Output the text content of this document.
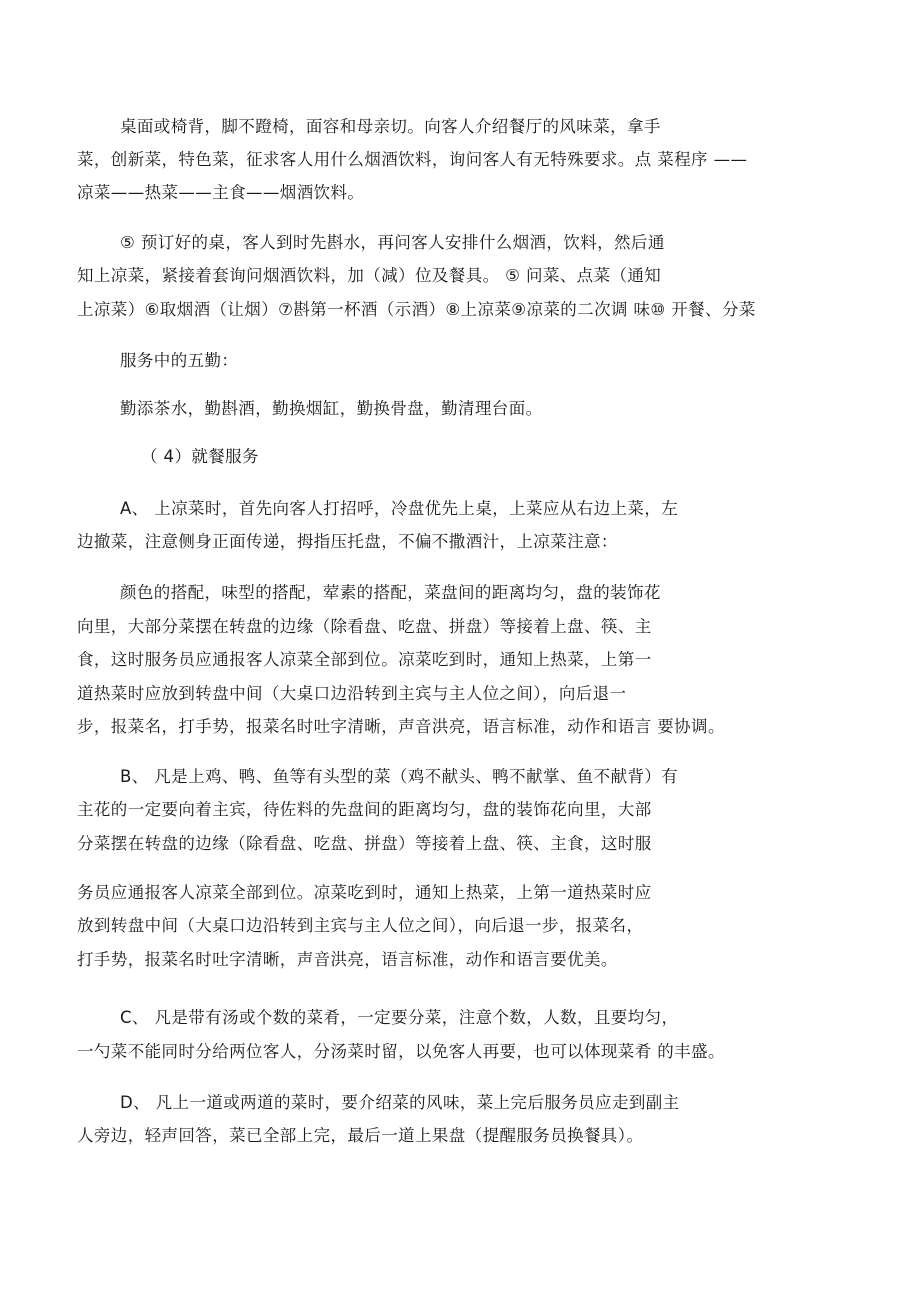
桌面或椅背，脚不蹬椅，面容和母亲切。向客人介绍餐厅的风味菜，拿手
菜，创新菜，特色菜，征求客人用什么烟酒饮料，询问客人有无特殊要求。点 菜程序 ——
凉菜——热菜——主食——烟酒饮料。
⑤ 预订好的桌，客人到时先斟水，再问客人安排什么烟酒，饮料，然后通
知上凉菜，紧接着套询问烟酒饮料，加（减）位及餐具。 ⑤ 问菜、点菜（通知
上凉菜）⑥取烟酒（让烟）⑦斟第一杯酒（示酒）⑧上凉菜⑨凉菜的二次调 味⑩ 开餐、分菜
服务中的五勤：
勤添茶水，勤斟酒，勤换烟缸，勤换骨盘，勤清理台面。
（ 4）就餐服务
A、 上凉菜时，首先向客人打招呼，冷盘优先上桌，上菜应从右边上菜，左
边撤菜，注意侧身正面传递，拇指压托盘，不偏不撒酒汁，上凉菜注意：
颜色的搭配，味型的搭配，荤素的搭配，菜盘间的距离均匀，盘的装饰花
向里，大部分菜摆在转盘的边缘（除看盘、吃盘、拼盘）等接着上盘、筷、主
食，这时服务员应通报客人凉菜全部到位。凉菜吃到时，通知上热菜，上第一
道热菜时应放到转盘中间（大桌口边沿转到主宾与主人位之间），向后退一
步，报菜名，打手势，报菜名时吐字清晰，声音洪亮，语言标准，动作和语言 要协调。
B、 凡是上鸡、鸭、鱼等有头型的菜（鸡不献头、鸭不献掌、鱼不献背）有
主花的一定要向着主宾，待佐料的先盘间的距离均匀，盘的装饰花向里，大部
分菜摆在转盘的边缘（除看盘、吃盘、拼盘）等接着上盘、筷、主食，这时服
务员应通报客人凉菜全部到位。凉菜吃到时，通知上热菜，上第一道热菜时应
放到转盘中间（大桌口边沿转到主宾与主人位之间），向后退一步，报菜名，
打手势，报菜名时吐字清晰，声音洪亮，语言标准，动作和语言要优美。
C、 凡是带有汤或个数的菜肴，一定要分菜，注意个数，人数，且要均匀，
一勺菜不能同时分给两位客人，分汤菜时留，以免客人再要，也可以体现菜肴 的丰盛。
D、 凡上一道或两道的菜时，要介绍菜的风味，菜上完后服务员应走到副主
人旁边，轻声回答，菜已全部上完，最后一道上果盘（提醒服务员换餐具）。
